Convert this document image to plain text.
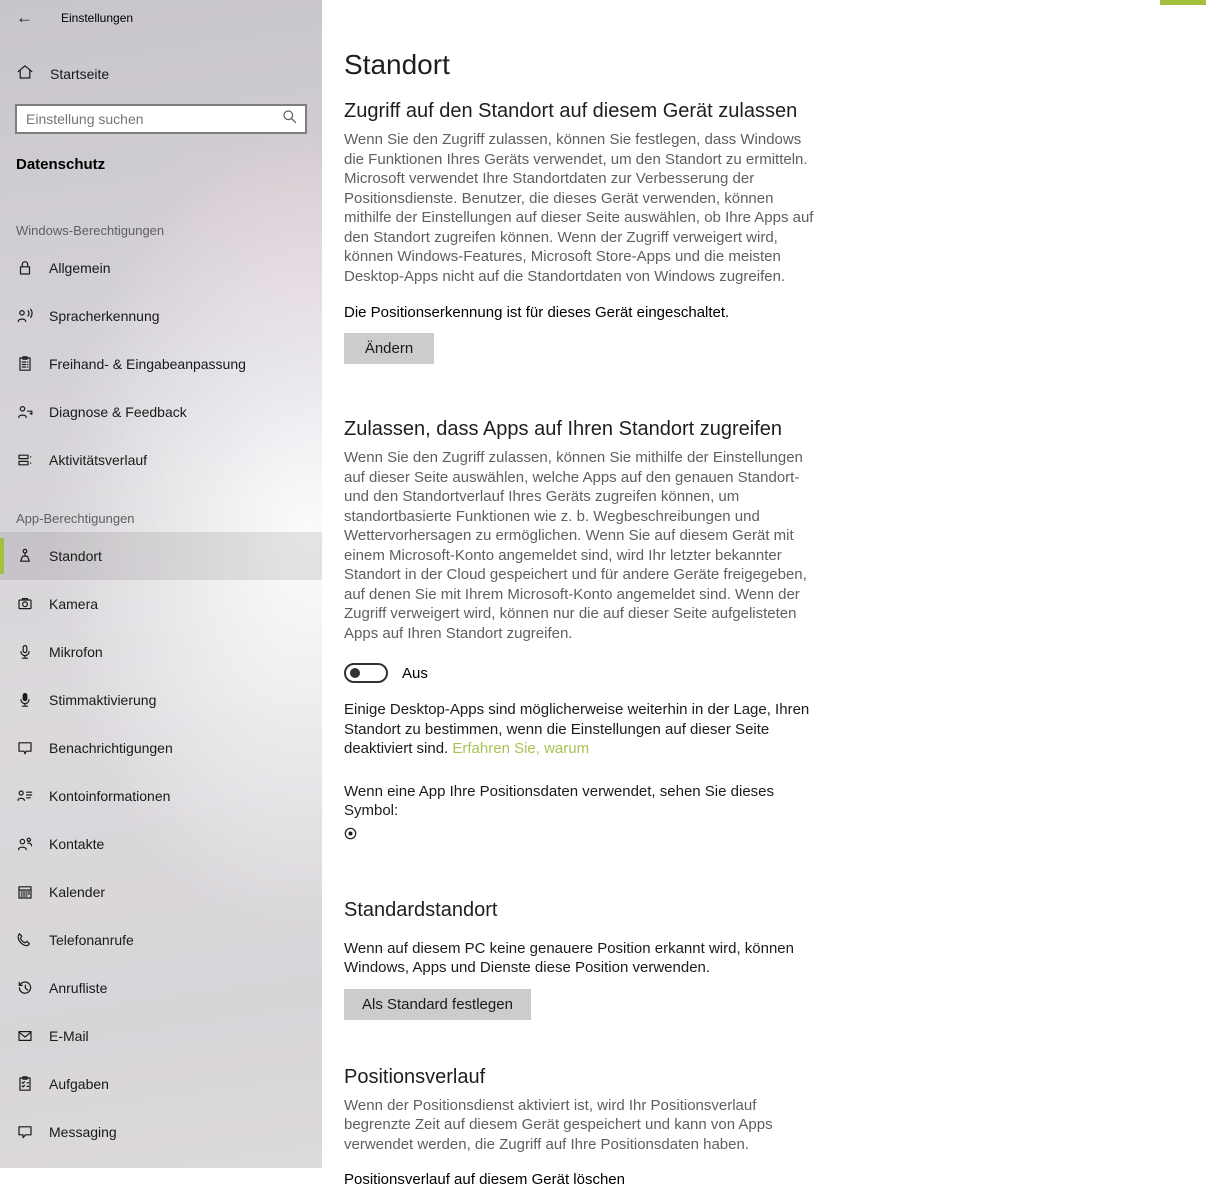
←	Einstellungen
Startseite
Einstellung suchen
Datenschutz
Windows-Berechtigungen
Allgemein
Spracherkennung
Freihand- & Eingabeanpassung
Diagnose & Feedback
Aktivitätsverlauf
App-Berechtigungen
Standort
Kamera
Mikrofon
Stimmaktivierung
Benachrichtigungen
Kontoinformationen
Kontakte
Kalender
Telefonanrufe
Anrufliste
E-Mail
Aufgaben
Messaging
Standort
Zugriff auf den Standort auf diesem Gerät zulassen

Wenn Sie den Zugriff zulassen, können Sie festlegen, dass Windows die Funktionen Ihres Geräts verwendet, um den Standort zu ermitteln. Microsoft verwendet Ihre Standortdaten zur Verbesserung der Positionsdienste. Benutzer, die dieses Gerät verwenden, können mithilfe der Einstellungen auf dieser Seite auswählen, ob Ihre Apps auf den Standort zugreifen können. Wenn der Zugriff verweigert wird, können Windows-Features, Microsoft Store-Apps und die meisten Desktop-Apps nicht auf die Standortdaten von Windows zugreifen.

Die Positionserkennung ist für dieses Gerät eingeschaltet.
Ändern
Zulassen, dass Apps auf Ihren Standort zugreifen

Wenn Sie den Zugriff zulassen, können Sie mithilfe der Einstellungen auf dieser Seite auswählen, welche Apps auf den genauen Standort- und den Standortverlauf Ihres Geräts zugreifen können, um standortbasierte Funktionen wie z. b. Wegbeschreibungen und Wettervorhersagen zu ermöglichen. Wenn Sie auf diesem Gerät mit einem Microsoft-Konto angemeldet sind, wird Ihr letzter bekannter Standort in der Cloud gespeichert und für andere Geräte freigegeben, auf denen Sie mit Ihrem Microsoft-Konto angemeldet sind. Wenn der Zugriff verweigert wird, können nur die auf dieser Seite aufgelisteten Apps auf Ihren Standort zugreifen.

Aus

Einige Desktop-Apps sind möglicherweise weiterhin in der Lage, Ihren Standort zu bestimmen, wenn die Einstellungen auf dieser Seite deaktiviert sind. Erfahren Sie, warum

Wenn eine App Ihre Positionsdaten verwendet, sehen Sie dieses Symbol:
Standardstandort

Wenn auf diesem PC keine genauere Position erkannt wird, können Windows, Apps und Dienste diese Position verwenden.

Als Standard festlegen
Positionsverlauf

Wenn der Positionsdienst aktiviert ist, wird Ihr Positionsverlauf begrenzte Zeit auf diesem Gerät gespeichert und kann von Apps verwendet werden, die Zugriff auf Ihre Positionsdaten haben.

Positionsverlauf auf diesem Gerät löschen
